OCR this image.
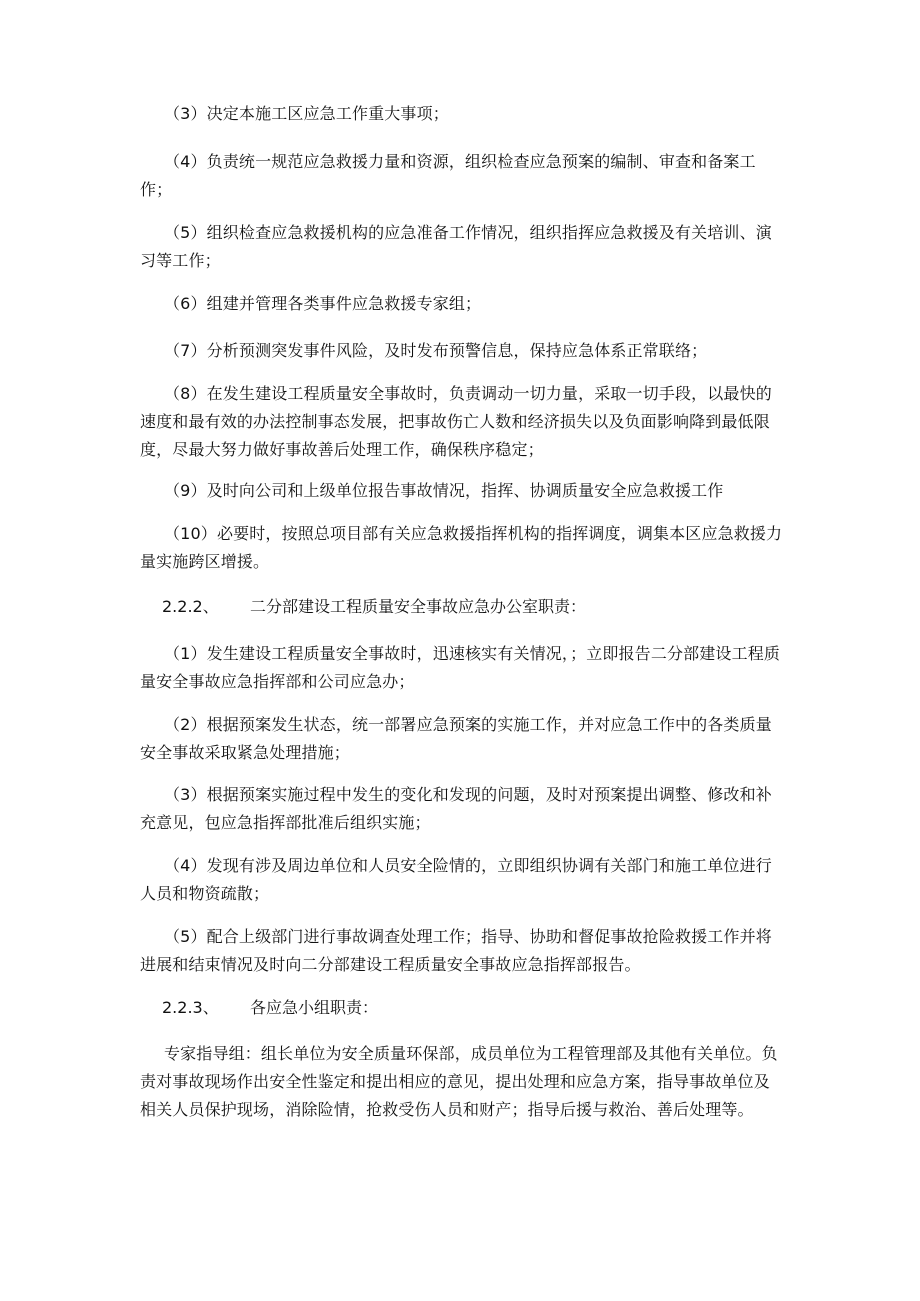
（3）决定本施工区应急工作重大事项；

（4）负责统一规范应急救援力量和资源，组织检查应急预案的编制、审查和备案工作；

（5）组织检查应急救援机构的应急准备工作情况，组织指挥应急救援及有关培训、演习等工作；

（6）组建并管理各类事件应急救援专家组；

（7）分析预测突发事件风险，及时发布预警信息，保持应急体系正常联络；

（8）在发生建设工程质量安全事故时，负责调动一切力量，采取一切手段，以最快的速度和最有效的办法控制事态发展，把事故伤亡人数和经济损失以及负面影响降到最低限度，尽最大努力做好事故善后处理工作，确保秩序稳定；

（9）及时向公司和上级单位报告事故情况，指挥、协调质量安全应急救援工作

（10）必要时，按照总项目部有关应急救援指挥机构的指挥调度，调集本区应急救援力量实施跨区增援。

2.2.2、 二分部建设工程质量安全事故应急办公室职责：

（1）发生建设工程质量安全事故时，迅速核实有关情况，；立即报告二分部建设工程质量安全事故应急指挥部和公司应急办；

（2）根据预案发生状态，统一部署应急预案的实施工作，并对应急工作中的各类质量安全事故采取紧急处理措施；

（3）根据预案实施过程中发生的变化和发现的问题，及时对预案提出调整、修改和补充意见，包应急指挥部批准后组织实施；

（4）发现有涉及周边单位和人员安全险情的，立即组织协调有关部门和施工单位进行人员和物资疏散；

（5）配合上级部门进行事故调查处理工作；指导、协助和督促事故抢险救援工作并将进展和结束情况及时向二分部建设工程质量安全事故应急指挥部报告。

2.2.3、 各应急小组职责：

专家指导组：组长单位为安全质量环保部，成员单位为工程管理部及其他有关单位。负责对事故现场作出安全性鉴定和提出相应的意见，提出处理和应急方案，指导事故单位及相关人员保护现场，消除险情，抢救受伤人员和财产；指导后援与救治、善后处理等。
